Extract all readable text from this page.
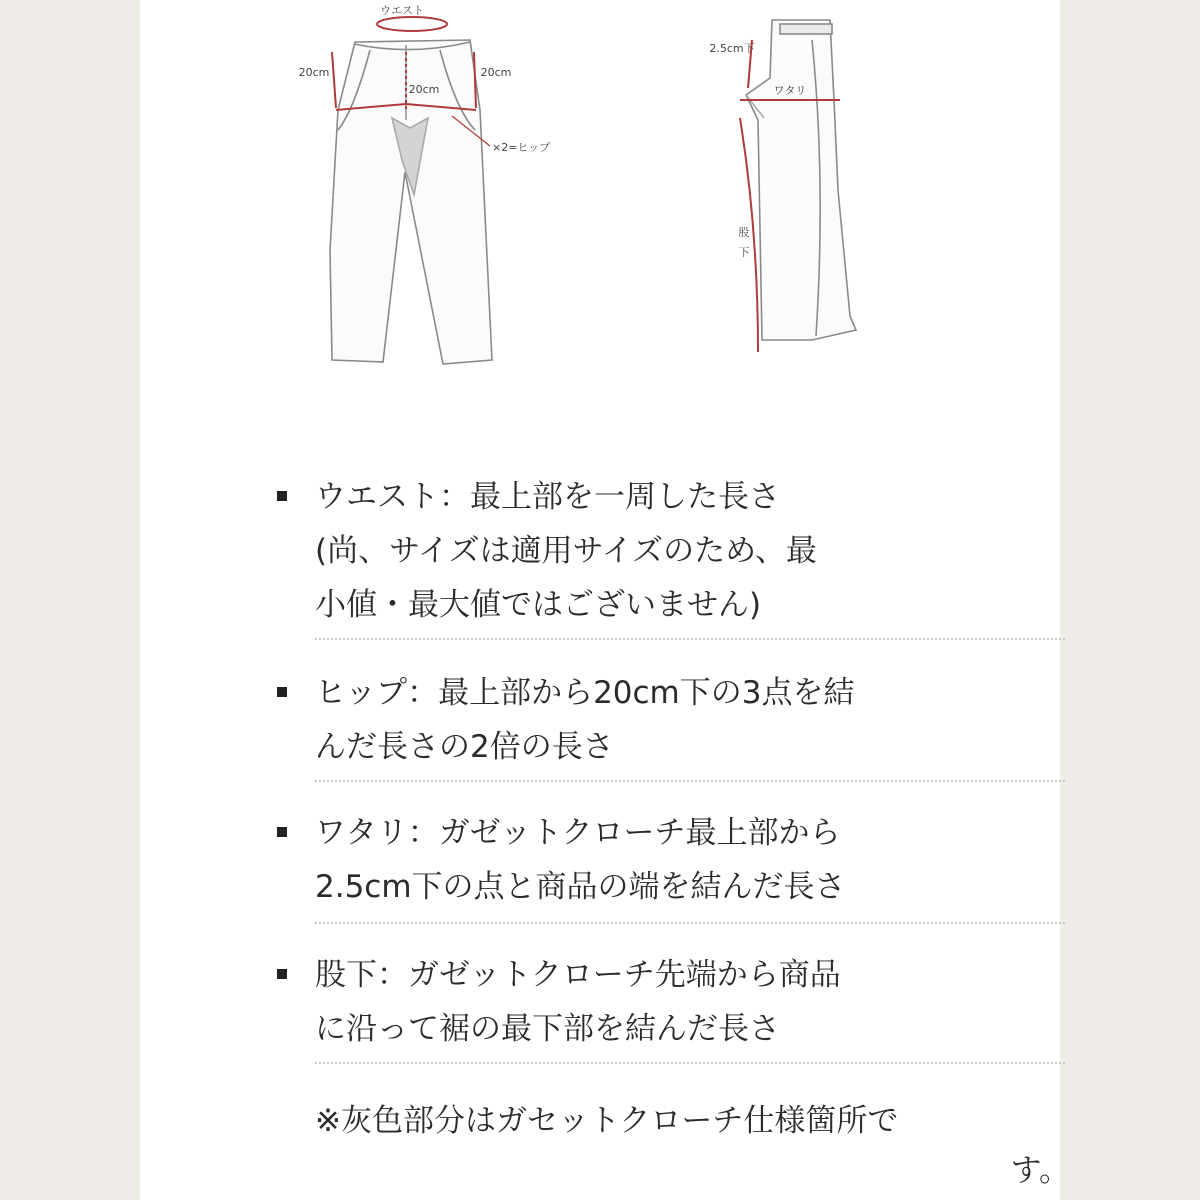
ウエスト
20cm	20cm
20cm
×2=ヒップ
2.5cm下
ワタリ
股
下
ウエスト：最上部を一周した長さ
(尚、サイズは適用サイズのため、最
小値・最大値ではございません)
ヒップ：最上部から20cm下の3点を結
んだ長さの2倍の長さ
ワタリ：ガゼットクローチ最上部から
2.5cm下の点と商品の端を結んだ長さ
股下：ガゼットクローチ先端から商品
に沿って裾の最下部を結んだ長さ
※灰色部分はガセットクローチ仕様箇所で
す。
